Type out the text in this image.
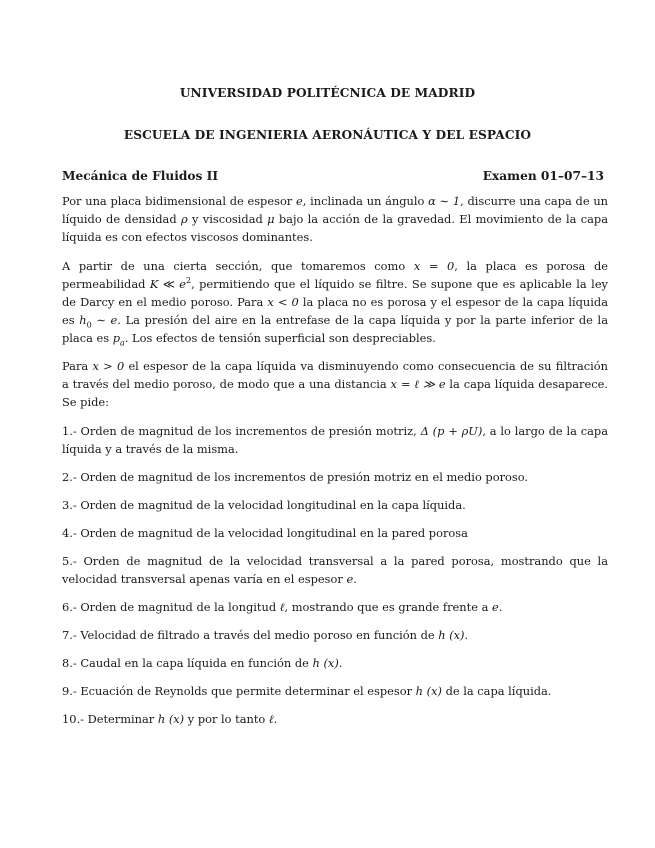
UNIVERSIDAD POLITÉCNICA DE MADRID
ESCUELA DE INGENIERIA AERONÁUTICA Y DEL ESPACIO
Mecánica de Fluidos II	Examen 01–07–13

Por una placa bidimensional de espesor e, inclinada un ángulo α ∼ 1, discurre una capa de un líquido de densidad ρ y viscosidad μ bajo la acción de la gravedad. El movimiento de la capa líquida es con efectos viscosos dominantes.

A partir de una cierta sección, que tomaremos como x = 0, la placa es porosa de permeabilidad K ≪ $e^2$, permitiendo que el líquido se filtre. Se supone que es aplicable la ley de Darcy en el medio poroso. Para x < 0 la placa no es porosa y el espesor de la capa líquida es $h_0$ ∼ e. La presión del aire en la entrefase de la capa líquida y por la parte inferior de la placa es $p_a$. Los efectos de tensión superficial son despreciables.

Para x > 0 el espesor de la capa líquida va disminuyendo como consecuencia de su filtración a través del medio poroso, de modo que a una distancia x = ℓ ≫ e la capa líquida desaparece. Se pide:

1.- Orden de magnitud de los incrementos de presión motriz, Δ (p + ρU), a lo largo de la capa líquida y a través de la misma.
2.- Orden de magnitud de los incrementos de presión motriz en el medio poroso.
3.- Orden de magnitud de la velocidad longitudinal en la capa líquida.
4.- Orden de magnitud de la velocidad longitudinal en la pared porosa
5.- Orden de magnitud de la velocidad transversal a la pared porosa, mostrando que la velocidad transversal apenas varía en el espesor e.
6.- Orden de magnitud de la longitud ℓ, mostrando que es grande frente a e.
7.- Velocidad de filtrado a través del medio poroso en función de h (x).
8.- Caudal en la capa líquida en función de h (x).
9.- Ecuación de Reynolds que permite determinar el espesor h (x) de la capa líquida.
10.- Determinar h (x) y por lo tanto ℓ.
